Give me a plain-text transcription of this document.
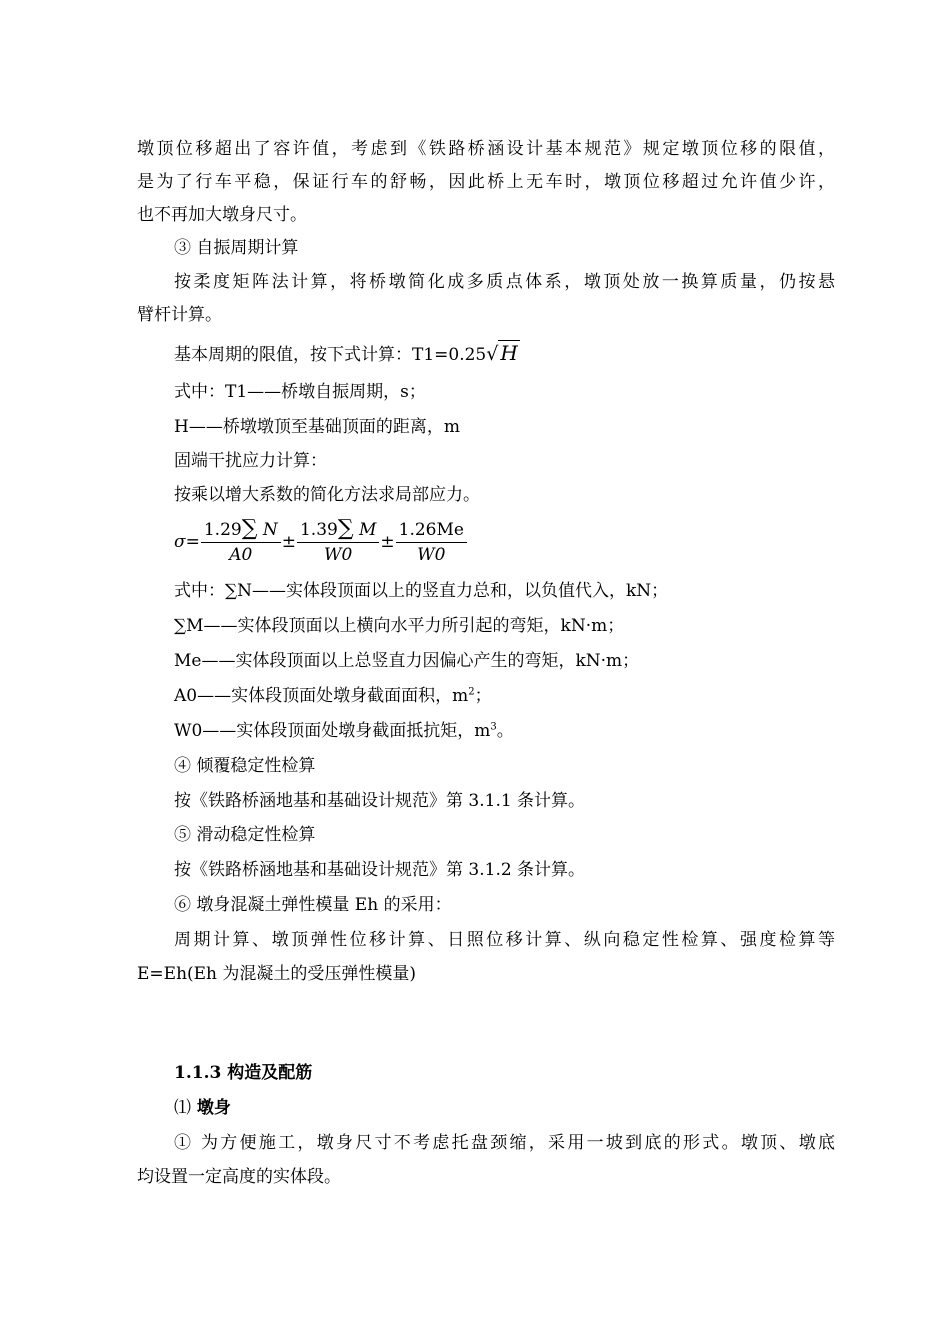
墩顶位移超出了容许值，考虑到《铁路桥涵设计基本规范》规定墩顶位移的限值，
是为了行车平稳，保证行车的舒畅，因此桥上无车时，墩顶位移超过允许值少许，
也不再加大墩身尺寸。
③ 自振周期计算
按柔度矩阵法计算，将桥墩简化成多质点体系，墩顶处放一换算质量，仍按悬
臂杆计算。
基本周期的限值，按下式计算：T1=0.25√ H
式中：T1——桥墩自振周期，s；
H——桥墩墩顶至基础顶面的距离，m
固端干扰应力计算：
按乘以增大系数的简化方法求局部应力。
$\sigma= \frac{1.29\sum N}{A0} \pm \frac{1.39\sum M}{W0} \pm \frac{1.26Me}{W0}$
式中：∑N——实体段顶面以上的竖直力总和，以负值代入，kN；
∑M——实体段顶面以上横向水平力所引起的弯矩，kN·m；
Me——实体段顶面以上总竖直力因偏心产生的弯矩，kN·m；
A0——实体段顶面处墩身截面面积，$m^2$；
W0——实体段顶面处墩身截面抵抗矩，$m^3$。
④ 倾覆稳定性检算
按《铁路桥涵地基和基础设计规范》第 3.1.1 条计算。
⑤ 滑动稳定性检算
按《铁路桥涵地基和基础设计规范》第 3.1.2 条计算。
⑥ 墩身混凝土弹性模量 Eh 的采用：
周期计算、墩顶弹性位移计算、日照位移计算、纵向稳定性检算、强度检算等
E=Eh(Eh 为混凝土的受压弹性模量)
1.1.3 构造及配筋
⑴ 墩身
① 为方便施工，墩身尺寸不考虑托盘颈缩，采用一坡到底的形式。墩顶、墩底
均设置一定高度的实体段。
